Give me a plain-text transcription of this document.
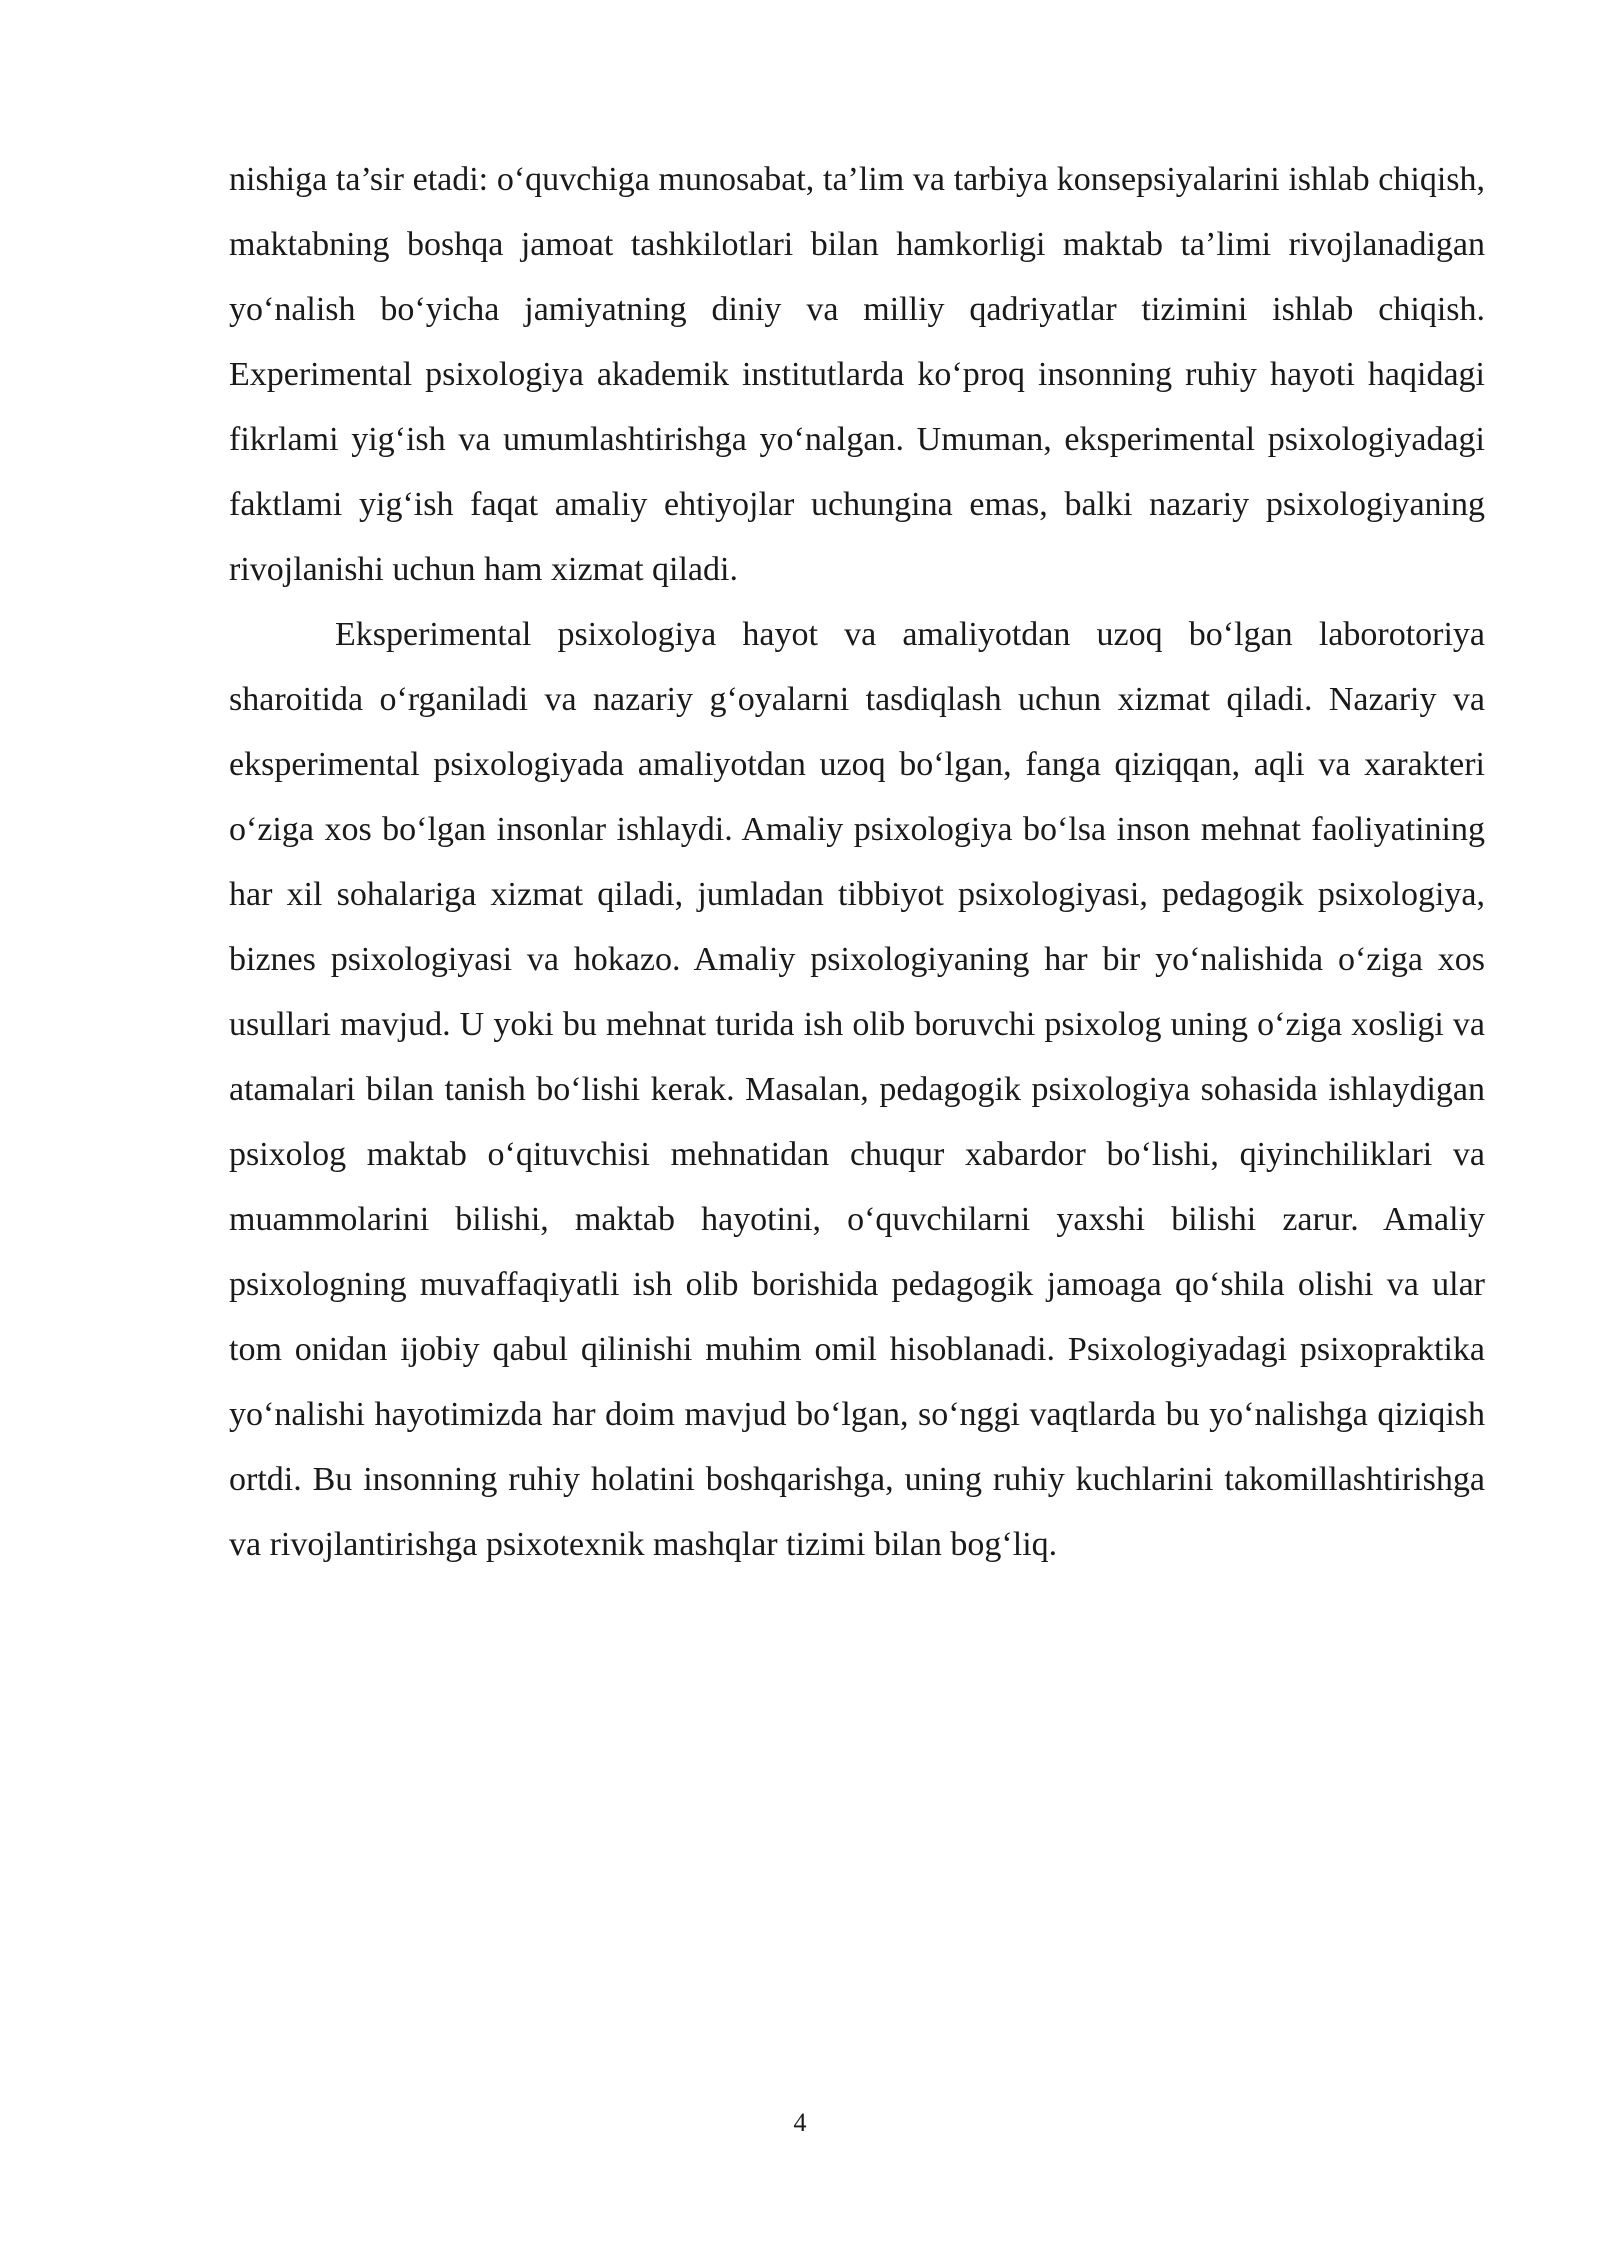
nishiga ta’sir etadi: o‘quvchiga munosabat, ta’lim va tarbiya konsepsiyalarini ishlab chiqish, maktabning boshqa jamoat tashkilotlari bilan hamkorligi maktab ta’limi rivojlanadigan yo‘nalish bo‘yicha jamiyatning diniy va milliy qadriyatlar tizimini ishlab chiqish. Experimental psixologiya akademik institutlarda ko‘proq insonning ruhiy hayoti haqidagi fikrlami yig‘ish va umumlashtirishga yo‘nalgan. Umuman, eksperimental psixologiyadagi faktlami yig‘ish faqat amaliy ehtiyojlar uchungina emas, balki nazariy psixologiyaning rivojlanishi uchun ham xizmat qiladi.

Eksperimental psixologiya hayot va amaliyotdan uzoq bo‘lgan laborotoriya sharoitida o‘rganiladi va nazariy g‘oyalarni tasdiqlash uchun xizmat qiladi. Nazariy va eksperimental psixologiyada amaliyotdan uzoq bo‘lgan, fanga qiziqqan, aqli va xarakteri o‘ziga xos bo‘lgan insonlar ishlaydi. Amaliy psixologiya bo‘lsa inson mehnat faoliyatining har xil sohalariga xizmat qiladi, jumladan tibbiyot psixologiyasi, pedagogik psixologiya, biznes psixologiyasi va hokazo. Amaliy psixologiyaning har bir yo‘nalishida o‘ziga xos usullari mavjud. U yoki bu mehnat turida ish olib boruvchi psixolog uning o‘ziga xosligi va atamalari bilan tanish bo‘lishi kerak. Masalan, pedagogik psixologiya sohasida ishlaydigan psixolog maktab o‘qituvchisi mehnatidan chuqur xabardor bo‘lishi, qiyinchiliklari va muammolarini bilishi, maktab hayotini, o‘quvchilarni yaxshi bilishi zarur. Amaliy psixologning muvaffaqiyatli ish olib borishida pedagogik jamoaga qo‘shila olishi va ular tom onidan ijobiy qabul qilinishi muhim omil hisoblanadi. Psixologiyadagi psixopraktika yo‘nalishi hayotimizda har doim mavjud bo‘lgan, so‘nggi vaqtlarda bu yo‘nalishga qiziqish ortdi. Bu insonning ruhiy holatini boshqarishga, uning ruhiy kuchlarini takomillashtirishga va rivojlantirishga psixotexnik mashqlar tizimi bilan bog‘liq.

4
